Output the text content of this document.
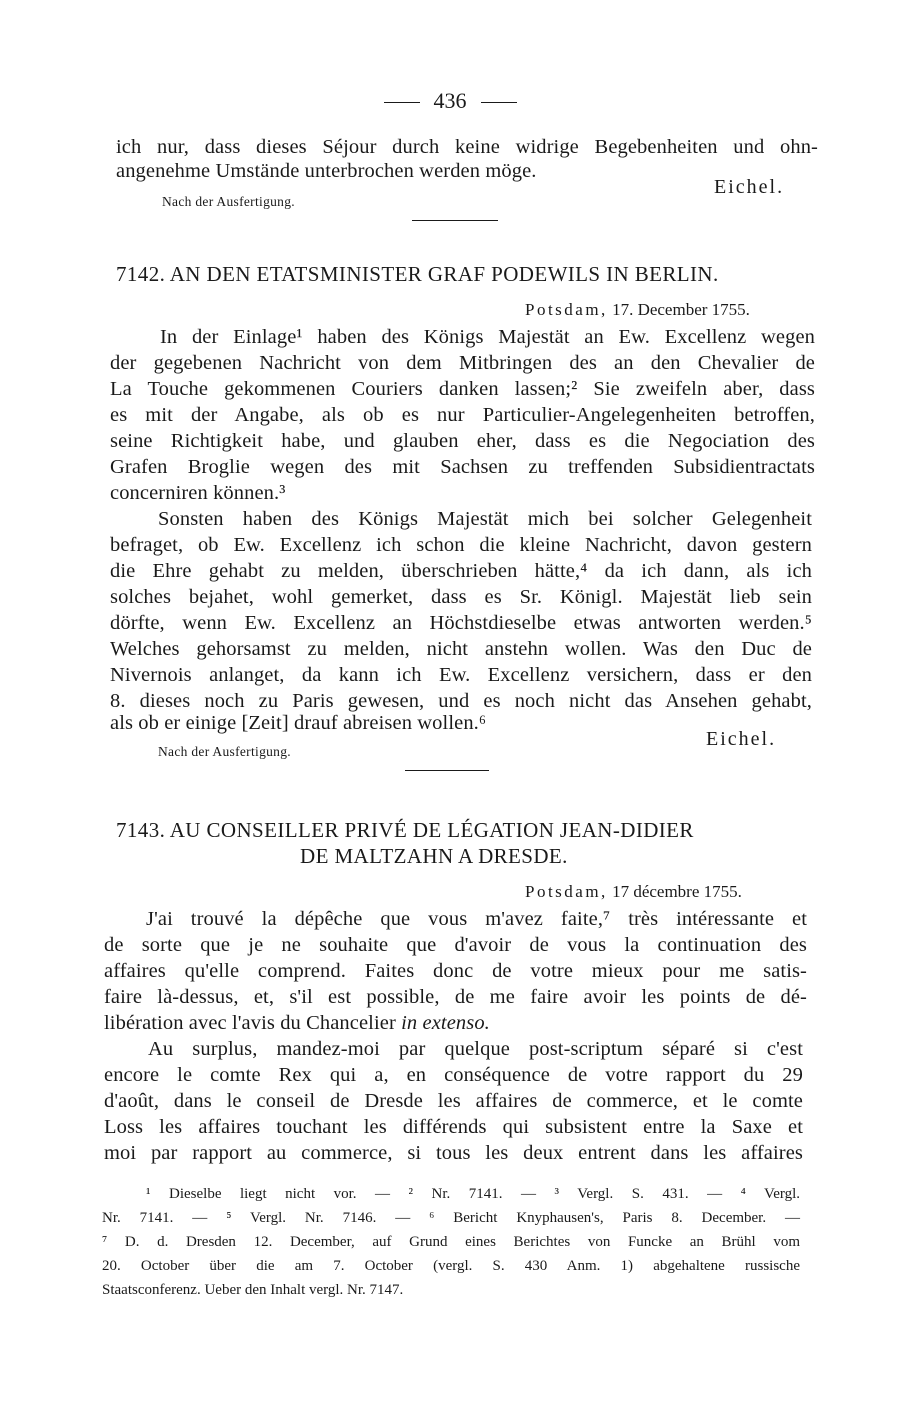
436
ich nur, dass dieses Séjour durch keine widrige Begebenheiten und ohn-
angenehme Umstände unterbrochen werden möge.
Eichel.
Nach der Ausfertigung.
7142. AN DEN ETATSMINISTER GRAF PODEWILS IN BERLIN.
Potsdam, 17. December 1755.
In der Einlage¹ haben des Königs Majestät an Ew. Excellenz wegen
der gegebenen Nachricht von dem Mitbringen des an den Chevalier de
La Touche gekommenen Couriers danken lassen;² Sie zweifeln aber, dass
es mit der Angabe, als ob es nur Particulier-Angelegenheiten betroffen,
seine Richtigkeit habe, und glauben eher, dass es die Negociation des
Grafen Broglie wegen des mit Sachsen zu treffenden Subsidientractats
concerniren können.³
Sonsten haben des Königs Majestät mich bei solcher Gelegenheit
befraget, ob Ew. Excellenz ich schon die kleine Nachricht, davon gestern
die Ehre gehabt zu melden, überschrieben hätte,⁴ da ich dann, als ich
solches bejahet, wohl gemerket, dass es Sr. Königl. Majestät lieb sein
dörfte, wenn Ew. Excellenz an Höchstdieselbe etwas antworten werden.⁵
Welches gehorsamst zu melden, nicht anstehn wollen. Was den Duc de
Nivernois anlanget, da kann ich Ew. Excellenz versichern, dass er den
8. dieses noch zu Paris gewesen, und es noch nicht das Ansehen gehabt,
als ob er einige [Zeit] drauf abreisen wollen.⁶
Eichel.
Nach der Ausfertigung.
7143. AU CONSEILLER PRIVÉ DE LÉGATION JEAN-DIDIER
DE MALTZAHN A DRESDE.
Potsdam, 17 décembre 1755.
J'ai trouvé la dépêche que vous m'avez faite,⁷ très intéressante et
de sorte que je ne souhaite que d'avoir de vous la continuation des
affaires qu'elle comprend. Faites donc de votre mieux pour me satis-
faire là-dessus, et, s'il est possible, de me faire avoir les points de dé-
libération avec l'avis du Chancelier in extenso.
Au surplus, mandez-moi par quelque post-scriptum séparé si c'est
encore le comte Rex qui a, en conséquence de votre rapport du 29
d'août, dans le conseil de Dresde les affaires de commerce, et le comte
Loss les affaires touchant les différends qui subsistent entre la Saxe et
moi par rapport au commerce, si tous les deux entrent dans les affaires
¹ Dieselbe liegt nicht vor. — ² Nr. 7141. — ³ Vergl. S. 431. — ⁴ Vergl.
Nr. 7141. — ⁵ Vergl. Nr. 7146. — ⁶ Bericht Knyphausen's, Paris 8. December. —
⁷ D. d. Dresden 12. December, auf Grund eines Berichtes von Funcke an Brühl vom
20. October über die am 7. October (vergl. S. 430 Anm. 1) abgehaltene russische
Staatsconferenz. Ueber den Inhalt vergl. Nr. 7147.
